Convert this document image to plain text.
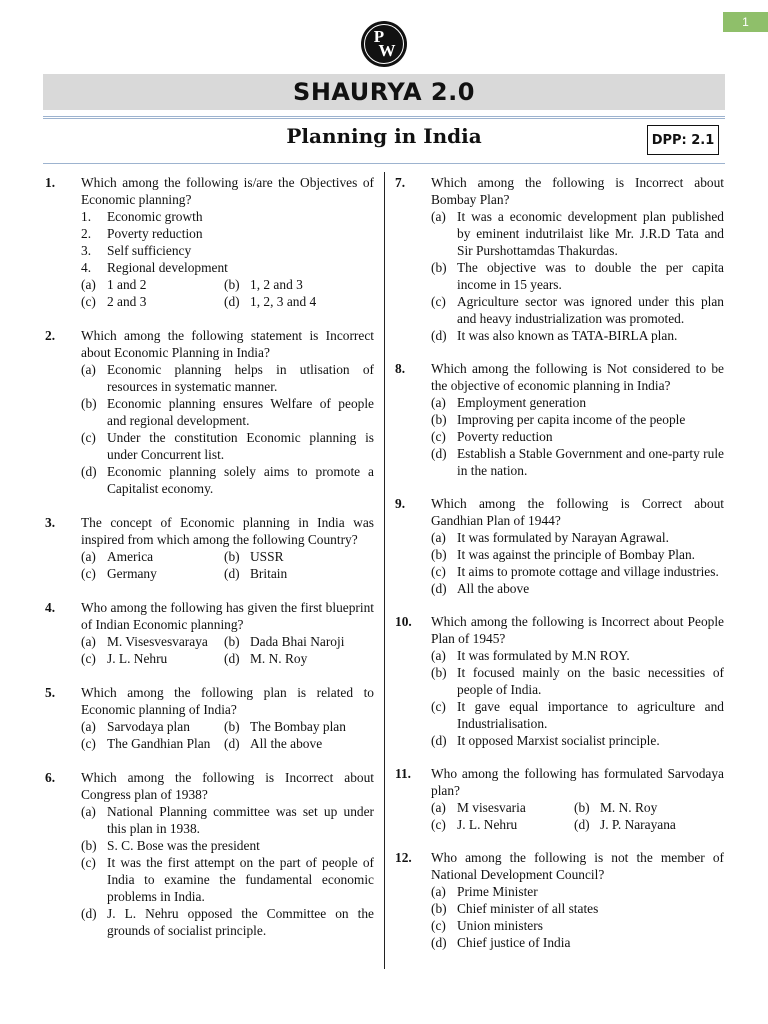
1
P
W
SHAURYA 2.0
Planning in India	DPP: 2.1
1. Which among the following is/are the Objectives of Economic planning?
1. Economic growth
2. Poverty reduction
3. Self sufficiency
4. Regional development
(a) 1 and 2	(b) 1, 2 and 3
(c) 2 and 3	(d) 1, 2, 3 and 4
2. Which among the following statement is Incorrect about Economic Planning in India?
(a) Economic planning helps in utlisation of resources in systematic manner.
(b) Economic planning ensures Welfare of people and regional development.
(c) Under the constitution Economic planning is under Concurrent list.
(d) Economic planning solely aims to promote a Capitalist economy.
3. The concept of Economic planning in India was inspired from which among the following Country?
(a) America	(b) USSR
(c) Germany	(d) Britain
4. Who among the following has given the first blueprint of Indian Economic planning?
(a) M. Visesvesvaraya	(b) Dada Bhai Naroji
(c) J. L. Nehru	(d) M. N. Roy
5. Which among the following plan is related to Economic planning of India?
(a) Sarvodaya plan	(b) The Bombay plan
(c) The Gandhian Plan	(d) All the above
6. Which among the following is Incorrect about Congress plan of 1938?
(a) National Planning committee was set up under this plan in 1938.
(b) S. C. Bose was the president
(c) It was the first attempt on the part of people of India to examine the fundamental economic problems in India.
(d) J. L. Nehru opposed the Committee on the grounds of socialist principle.
7. Which among the following is Incorrect about Bombay Plan?
(a) It was a economic development plan published by eminent indutrilaist like Mr. J.R.D Tata and Sir Purshottamdas Thakurdas.
(b) The objective was to double the per capita income in 15 years.
(c) Agriculture sector was ignored under this plan and heavy industrialization was promoted.
(d) It was also known as TATA-BIRLA plan.
8. Which among the following is Not considered to be the objective of economic planning in India?
(a) Employment generation
(b) Improving per capita income of the people
(c) Poverty reduction
(d) Establish a Stable Government and one-party rule in the nation.
9. Which among the following is Correct about Gandhian Plan of 1944?
(a) It was formulated by Narayan Agrawal.
(b) It was against the principle of Bombay Plan.
(c) It aims to promote cottage and village industries.
(d) All the above
10. Which among the following is Incorrect about People Plan of 1945?
(a) It was formulated by M.N ROY.
(b) It focused mainly on the basic necessities of people of India.
(c) It gave equal importance to agriculture and Industrialisation.
(d) It opposed Marxist socialist principle.
11. Who among the following has formulated Sarvodaya plan?
(a) M visesvaria	(b) M. N. Roy
(c) J. L. Nehru	(d) J. P. Narayana
12. Who among the following is not the member of National Development Council?
(a) Prime Minister
(b) Chief minister of all states
(c) Union ministers
(d) Chief justice of India
